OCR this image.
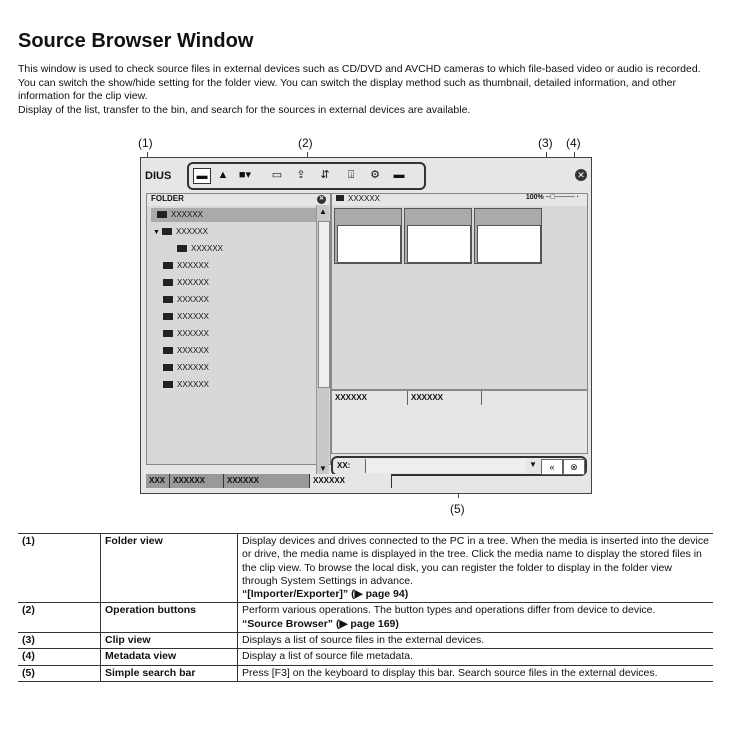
Source Browser Window

This window is used to check source files in external devices such as CD/DVD and AVCHD cameras to which file-based video or audio is recorded.

You can switch the show/hide setting for the folder view. You can switch the display method such as thumbnail, detailed information, and other information for the clip view.

Display of the list, transfer to the bin, and search for the sources in external devices are available.

(1)	(2)	(3) (4)
(5)
DIUS	▬ ▲ ■▾ ▭	⇪	⇵	⍗	⚙ ▬	✕
FOLDER	✕
XXXXXX
▼ XXXXXX
XXXXXX
XXXXXX
XXXXXX
XXXXXX
XXXXXX
XXXXXX
XXXXXX
XXXXXX
XXXXXX
▲
▼
XXXXXX	100% ─□──── ·
XXXXXX	XXXXXX
XX:	▼	«	⊗
XXX XXXXXX	XXXXXX	XXXXXX
(1)	Folder view	Display devices and drives connected to the PC in a tree. When the media is inserted into the device or drive, the media name is displayed in the tree. Click the media name to display the stored files in the clip view. To browse the local disk, you can register the folder to display in the folder view through System Settings in advance.
“[Importer/Exporter]” (▶ page 94)

(2)	Operation buttons	Perform various operations. The button types and operations differ from device to device.
“Source Browser” (▶ page 169)

(3)	Clip view	Displays a list of source files in the external devices.
(4)	Metadata view	Display a list of source file metadata.
(5)	Simple search bar	Press [F3] on the keyboard to display this bar. Search source files in the external devices.
